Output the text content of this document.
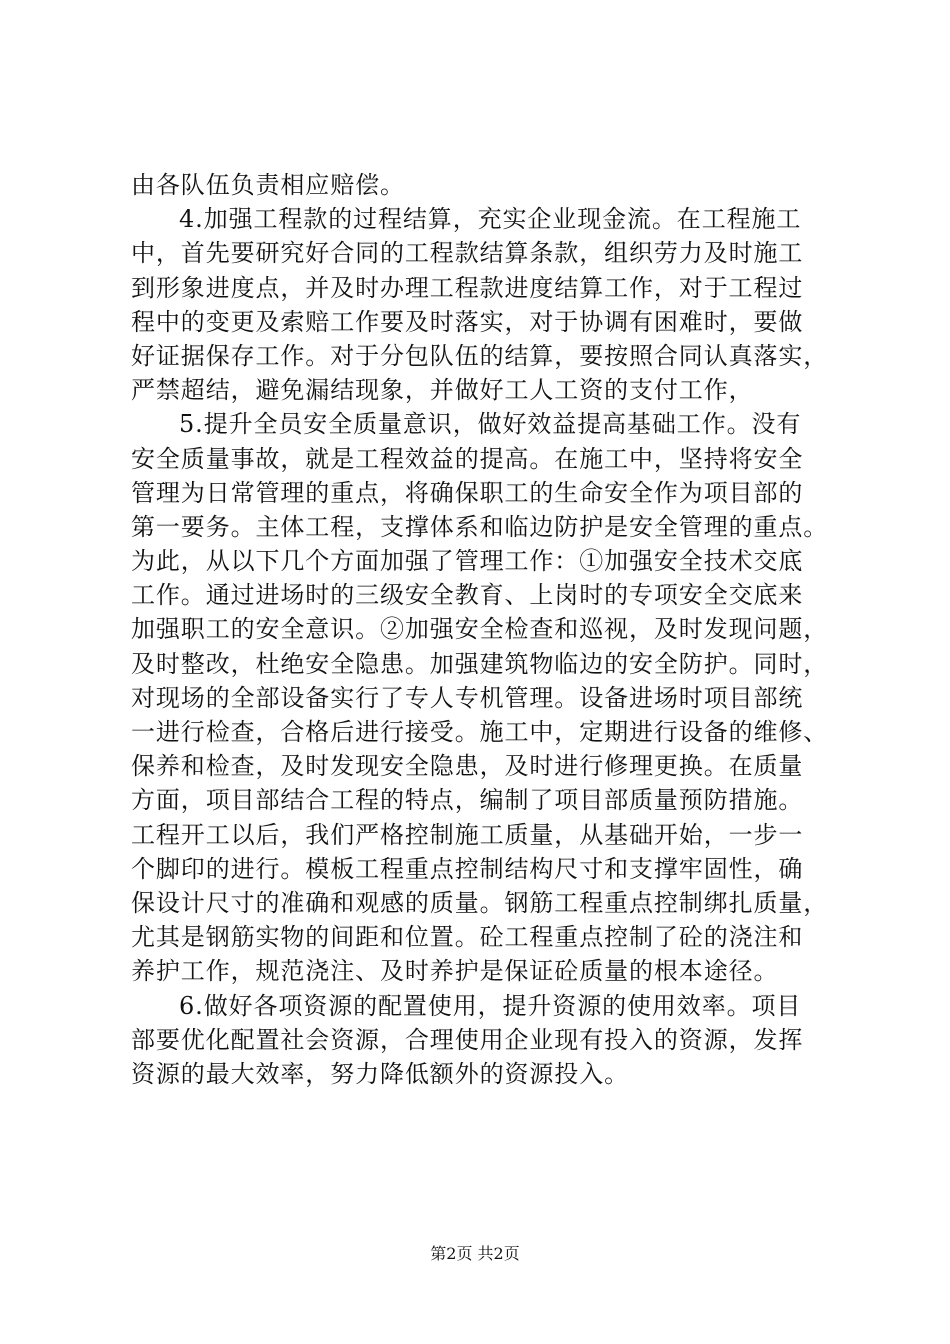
由各队伍负责相应赔偿。
4.加强工程款的过程结算，充实企业现金流。在工程施工
中，首先要研究好合同的工程款结算条款，组织劳力及时施工
到形象进度点，并及时办理工程款进度结算工作，对于工程过
程中的变更及索赔工作要及时落实，对于协调有困难时，要做
好证据保存工作。对于分包队伍的结算，要按照合同认真落实，
严禁超结，避免漏结现象，并做好工人工资的支付工作，
5.提升全员安全质量意识，做好效益提高基础工作。没有
安全质量事故，就是工程效益的提高。在施工中，坚持将安全
管理为日常管理的重点，将确保职工的生命安全作为项目部的
第一要务。主体工程，支撑体系和临边防护是安全管理的重点。
为此，从以下几个方面加强了管理工作：①加强安全技术交底
工作。通过进场时的三级安全教育、上岗时的专项安全交底来
加强职工的安全意识。②加强安全检查和巡视，及时发现问题，
及时整改，杜绝安全隐患。加强建筑物临边的安全防护。同时，
对现场的全部设备实行了专人专机管理。设备进场时项目部统
一进行检查，合格后进行接受。施工中，定期进行设备的维修、
保养和检查，及时发现安全隐患，及时进行修理更换。在质量
方面，项目部结合工程的特点，编制了项目部质量预防措施。
工程开工以后，我们严格控制施工质量，从基础开始，一步一
个脚印的进行。模板工程重点控制结构尺寸和支撑牢固性，确
保设计尺寸的准确和观感的质量。钢筋工程重点控制绑扎质量，
尤其是钢筋实物的间距和位置。砼工程重点控制了砼的浇注和
养护工作，规范浇注、及时养护是保证砼质量的根本途径。
6.做好各项资源的配置使用，提升资源的使用效率。项目
部要优化配置社会资源，合理使用企业现有投入的资源，发挥
资源的最大效率，努力降低额外的资源投入。
第2页 共2页
